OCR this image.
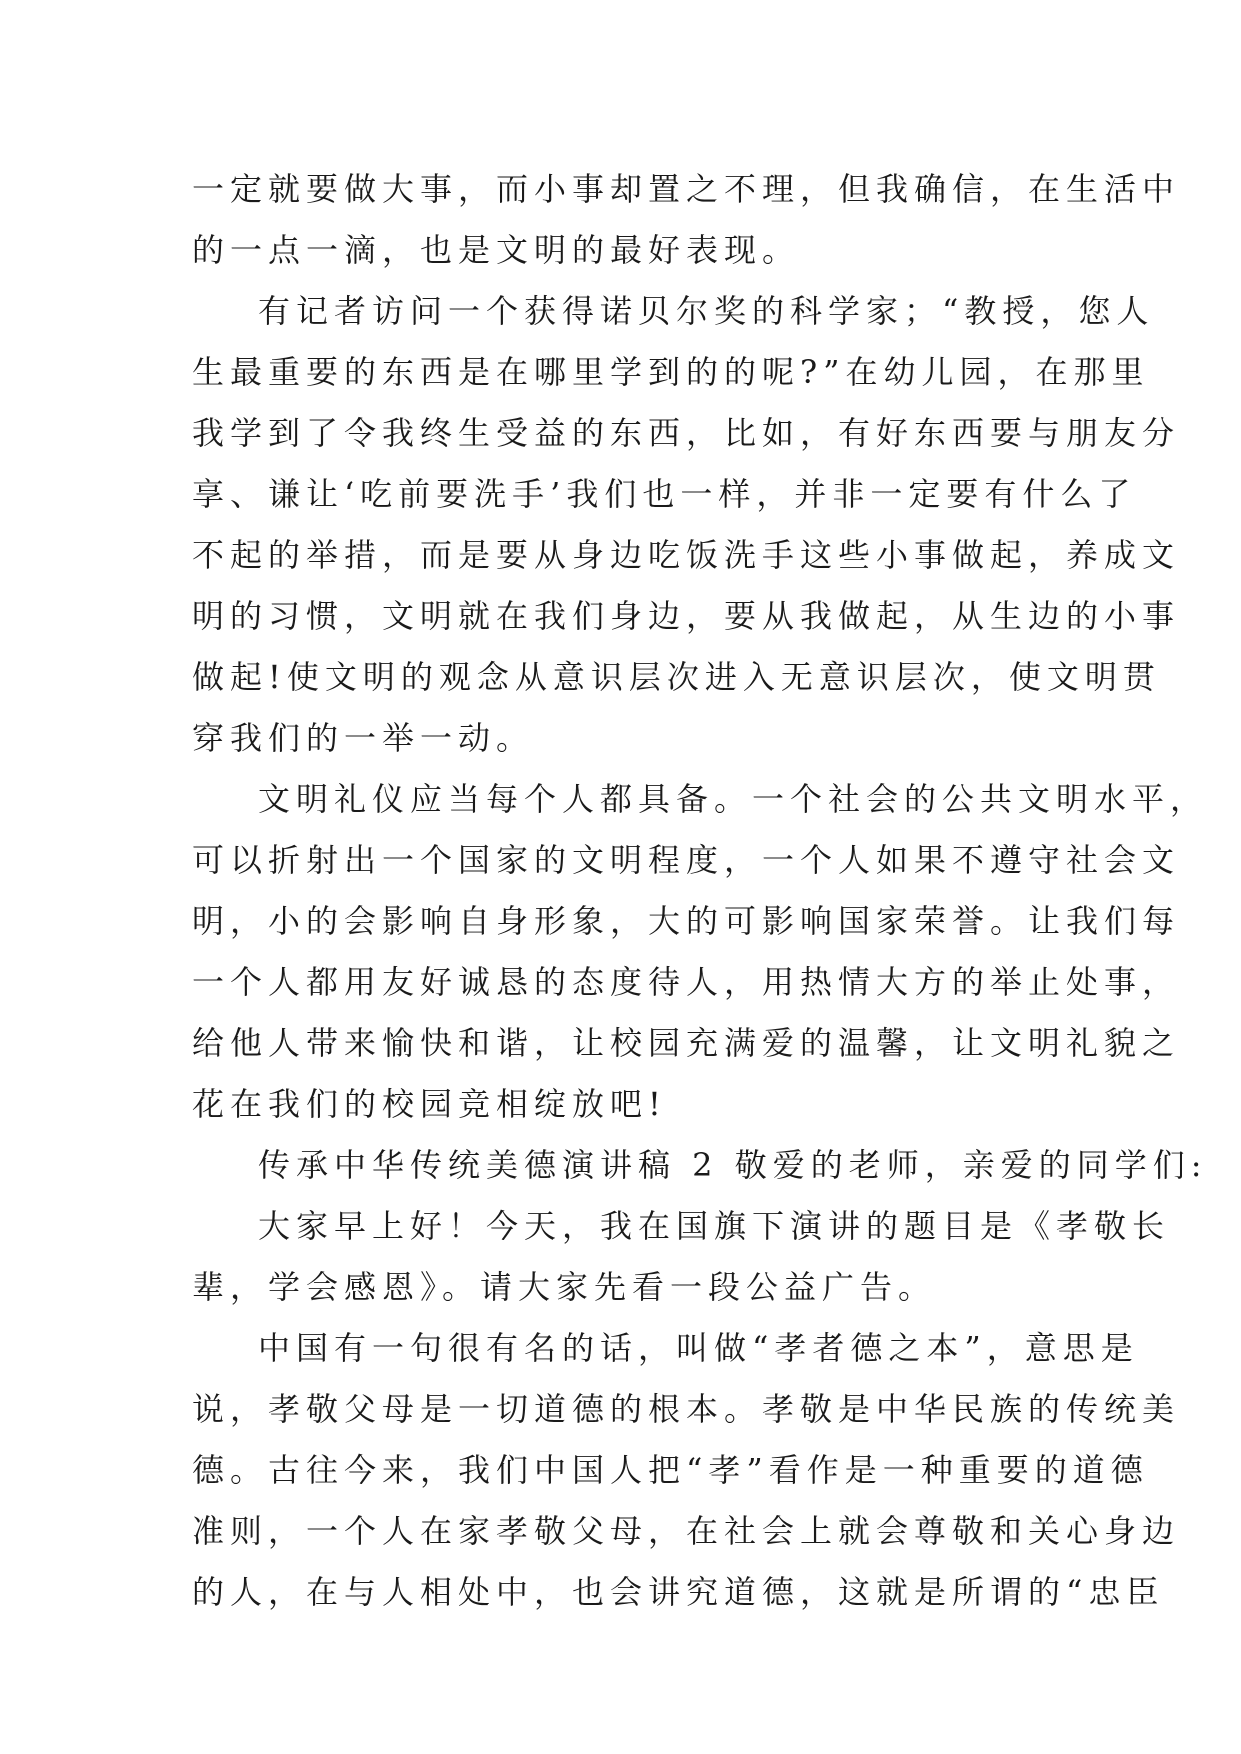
一定就要做大事，而小事却置之不理，但我确信，在生活中
的一点一滴，也是文明的最好表现。
有记者访问一个获得诺贝尔奖的科学家；“教授，您人
生最重要的东西是在哪里学到的的呢?”在幼儿园，在那里
我学到了令我终生受益的东西，比如，有好东西要与朋友分
享、谦让‘吃前要洗手’我们也一样，并非一定要有什么了
不起的举措，而是要从身边吃饭洗手这些小事做起，养成文
明的习惯，文明就在我们身边，要从我做起，从生边的小事
做起!使文明的观念从意识层次进入无意识层次，使文明贯
穿我们的一举一动。
文明礼仪应当每个人都具备。一个社会的公共文明水平，
可以折射出一个国家的文明程度，一个人如果不遵守社会文
明，小的会影响自身形象，大的可影响国家荣誉。让我们每
一个人都用友好诚恳的态度待人，用热情大方的举止处事，
给他人带来愉快和谐，让校园充满爱的温馨，让文明礼貌之
花在我们的校园竞相绽放吧!
传承中华传统美德演讲稿 2 敬爱的老师，亲爱的同学们:
大家早上好！今天，我在国旗下演讲的题目是《孝敬长
辈，学会感恩》。请大家先看一段公益广告。
中国有一句很有名的话，叫做“孝者德之本”，意思是
说，孝敬父母是一切道德的根本。孝敬是中华民族的传统美
德。古往今来，我们中国人把“孝”看作是一种重要的道德
准则，一个人在家孝敬父母，在社会上就会尊敬和关心身边
的人，在与人相处中，也会讲究道德，这就是所谓的“忠臣
